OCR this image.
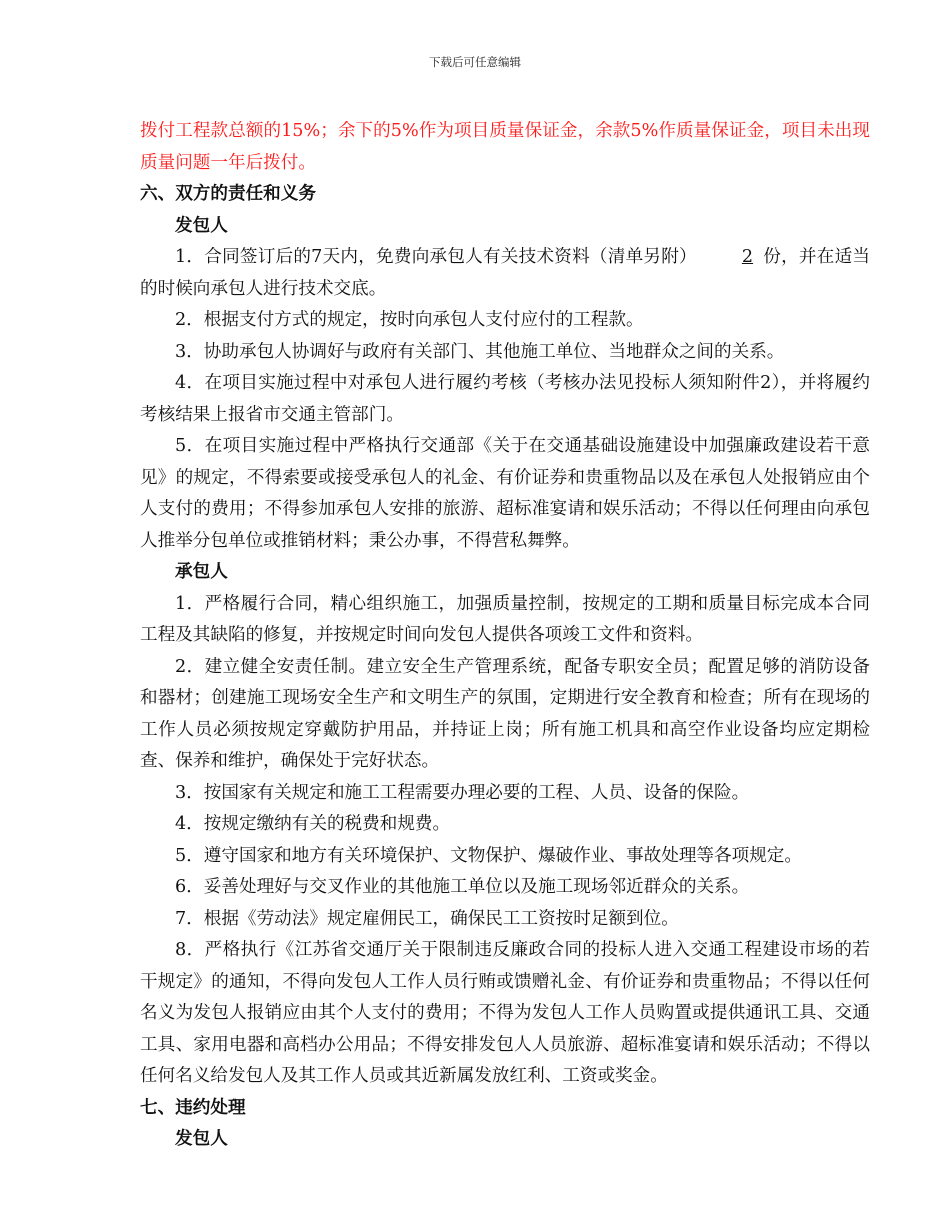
下载后可任意编辑

拨付工程款总额的15%；余下的5%作为项目质量保证金，余款5%作质量保证金，项目未出现质量问题一年后拨付。

六、双方的责任和义务

发包人

1．合同签订后的7天内，免费向承包人有关技术资料（清单另附）	2 份，并在适当的时候向承包人进行技术交底。

2．根据支付方式的规定，按时向承包人支付应付的工程款。

3．协助承包人协调好与政府有关部门、其他施工单位、当地群众之间的关系。

4．在项目实施过程中对承包人进行履约考核（考核办法见投标人须知附件2），并将履约考核结果上报省市交通主管部门。

5．在项目实施过程中严格执行交通部《关于在交通基础设施建设中加强廉政建设若干意见》的规定，不得索要或接受承包人的礼金、有价证券和贵重物品以及在承包人处报销应由个人支付的费用；不得参加承包人安排的旅游、超标准宴请和娱乐活动；不得以任何理由向承包人推举分包单位或推销材料；秉公办事，不得营私舞弊。

承包人

1．严格履行合同，精心组织施工，加强质量控制，按规定的工期和质量目标完成本合同工程及其缺陷的修复，并按规定时间向发包人提供各项竣工文件和资料。

2．建立健全安责任制。建立安全生产管理系统，配备专职安全员；配置足够的消防设备和器材；创建施工现场安全生产和文明生产的氛围，定期进行安全教育和检查；所有在现场的工作人员必须按规定穿戴防护用品，并持证上岗；所有施工机具和高空作业设备均应定期检查、保养和维护，确保处于完好状态。

3．按国家有关规定和施工工程需要办理必要的工程、人员、设备的保险。

4．按规定缴纳有关的税费和规费。

5．遵守国家和地方有关环境保护、文物保护、爆破作业、事故处理等各项规定。

6．妥善处理好与交叉作业的其他施工单位以及施工现场邻近群众的关系。

7．根据《劳动法》规定雇佣民工，确保民工工资按时足额到位。

8．严格执行《江苏省交通厅关于限制违反廉政合同的投标人进入交通工程建设市场的若干规定》的通知，不得向发包人工作人员行贿或馈赠礼金、有价证券和贵重物品；不得以任何名义为发包人报销应由其个人支付的费用；不得为发包人工作人员购置或提供通讯工具、交通工具、家用电器和高档办公用品；不得安排发包人人员旅游、超标准宴请和娱乐活动；不得以任何名义给发包人及其工作人员或其近新属发放红利、工资或奖金。

七、违约处理

发包人
